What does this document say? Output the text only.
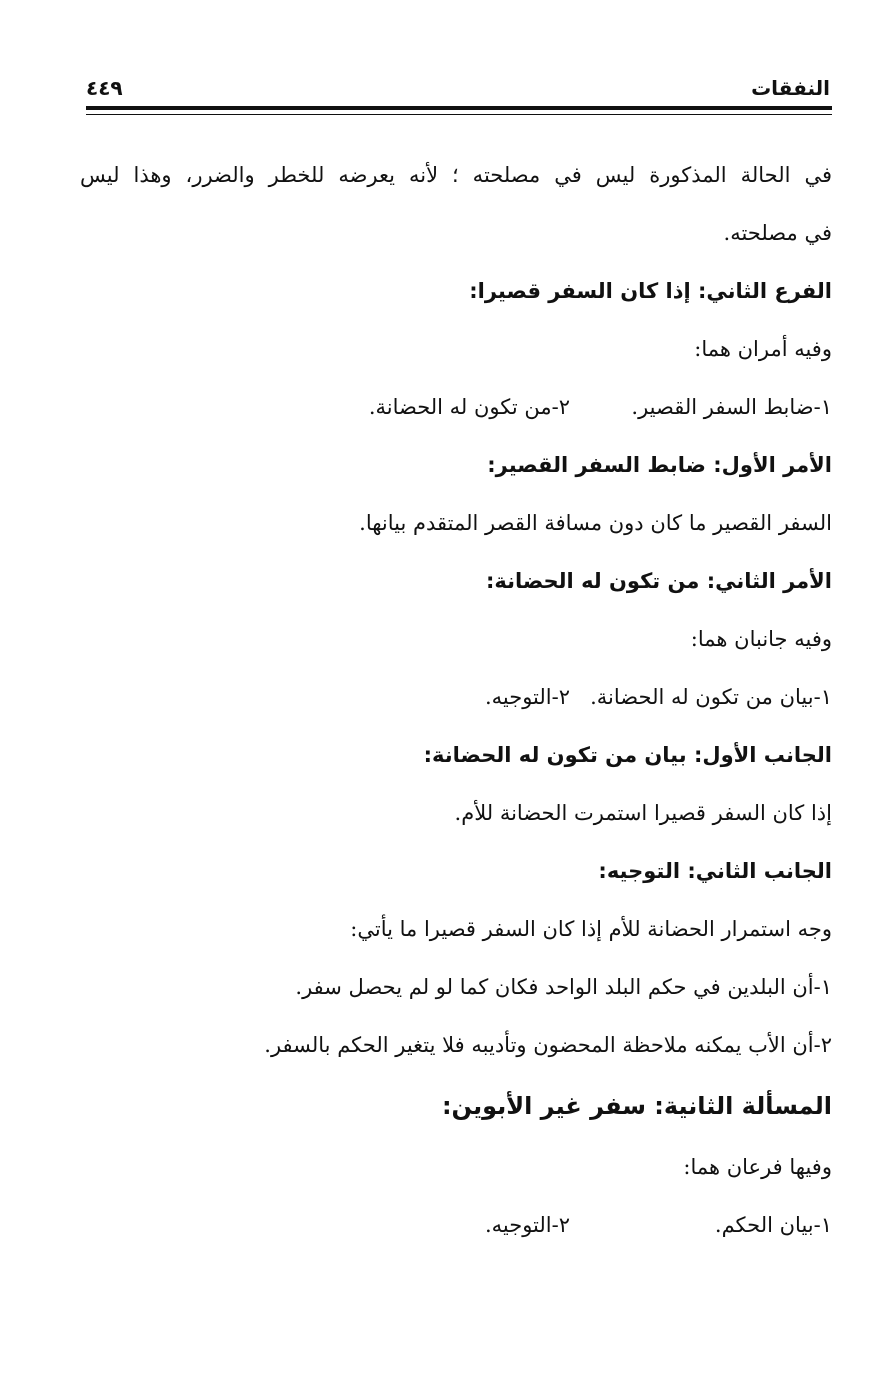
النفقات
٤٤٩
في الحالة المذكورة ليس في مصلحته ؛ لأنه يعرضه للخطر والضرر، وهذا ليس
في مصلحته.
الفرع الثاني: إذا كان السفر قصيرا:
وفيه أمران هما:
١-ضابط السفر القصير.
٢-من تكون له الحضانة.
الأمر الأول: ضابط السفر القصير:
السفر القصير ما كان دون مسافة القصر المتقدم بيانها.
الأمر الثاني: من تكون له الحضانة:
وفيه جانبان هما:
١-بيان من تكون له الحضانة.
٢-التوجيه.
الجانب الأول: بيان من تكون له الحضانة:
إذا كان السفر قصيرا استمرت الحضانة للأم.
الجانب الثاني: التوجيه:
وجه استمرار الحضانة للأم إذا كان السفر قصيرا ما يأتي:
١-أن البلدين في حكم البلد الواحد فكان كما لو لم يحصل سفر.
٢-أن الأب يمكنه ملاحظة المحضون وتأديبه فلا يتغير الحكم بالسفر.
المسألة الثانية: سفر غير الأبوين:
وفيها فرعان هما:
١-بيان الحكم.
٢-التوجيه.
